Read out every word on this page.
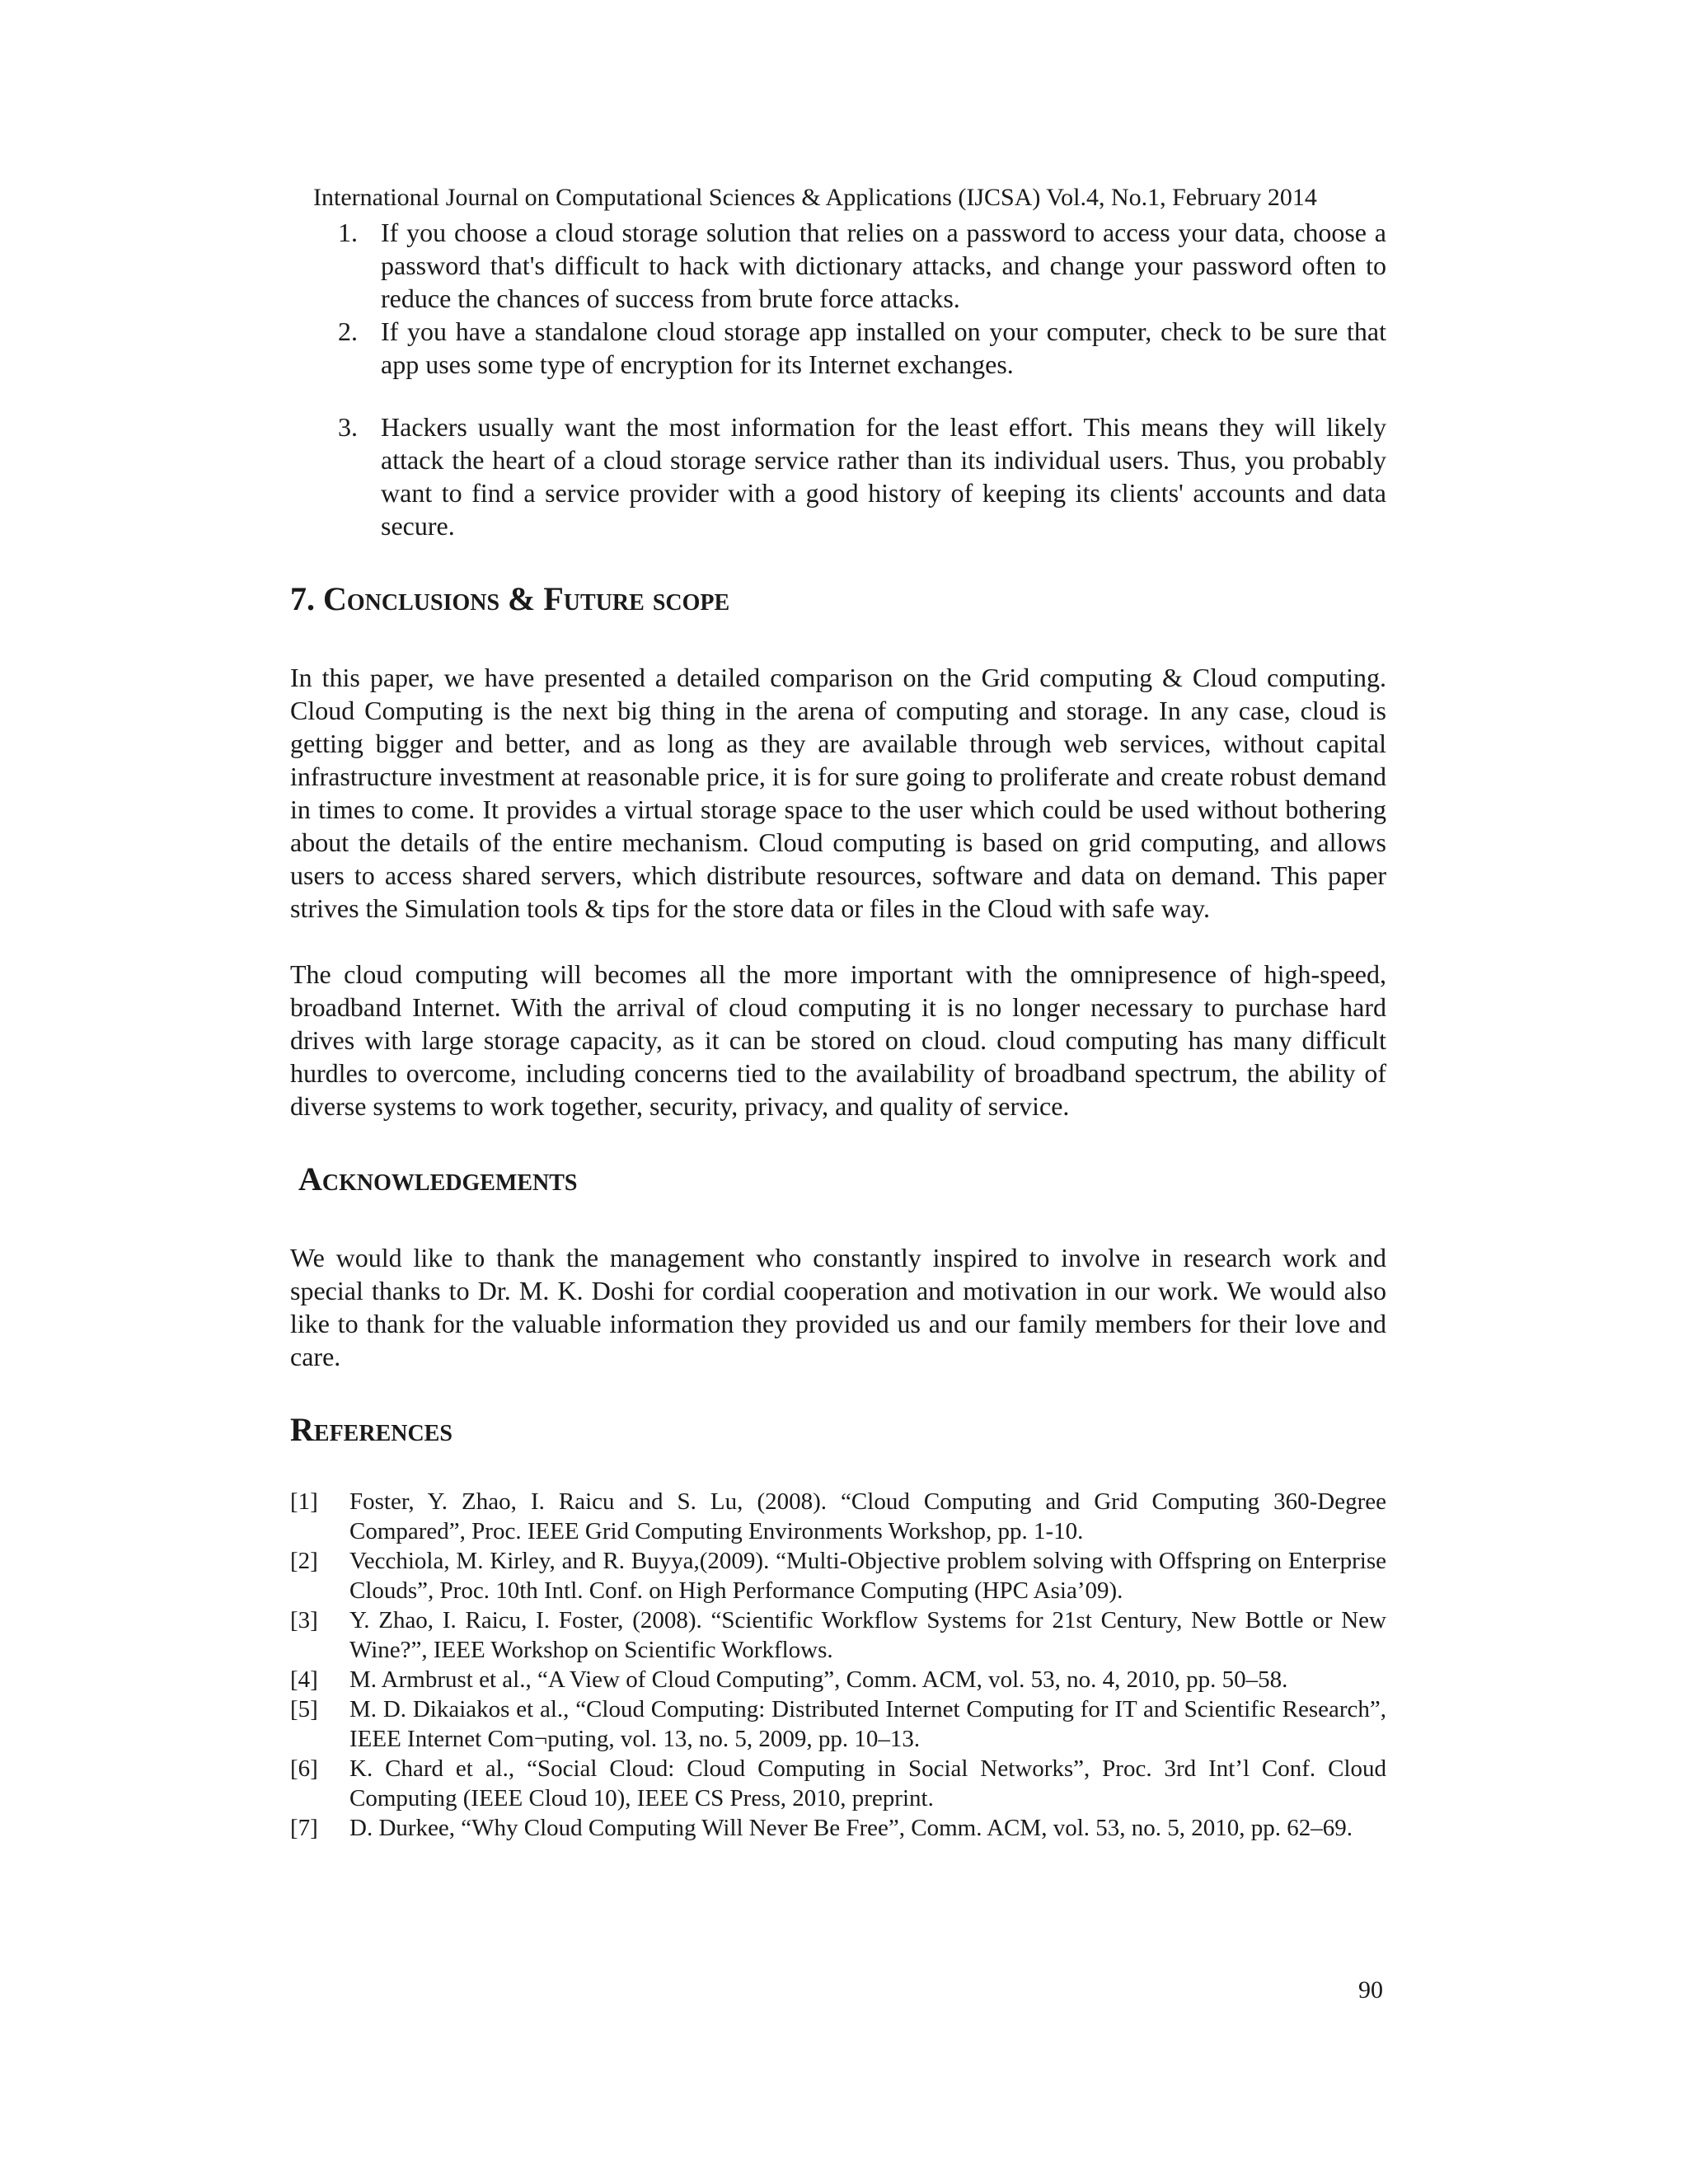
International Journal on Computational Sciences & Applications (IJCSA) Vol.4, No.1, February 2014
1. If you choose a cloud storage solution that relies on a password to access your data, choose a password that's difficult to hack with dictionary attacks, and change your password often to reduce the chances of success from brute force attacks.
2. If you have a standalone cloud storage app installed on your computer, check to be sure that app uses some type of encryption for its Internet exchanges.
3. Hackers usually want the most information for the least effort. This means they will likely attack the heart of a cloud storage service rather than its individual users. Thus, you probably want to find a service provider with a good history of keeping its clients' accounts and data secure.
7. Conclusions & Future scope

In this paper, we have presented a detailed comparison on the Grid computing & Cloud computing. Cloud Computing is the next big thing in the arena of computing and storage. In any case, cloud is getting bigger and better, and as long as they are available through web services, without capital infrastructure investment at reasonable price, it is for sure going to proliferate and create robust demand in times to come. It provides a virtual storage space to the user which could be used without bothering about the details of the entire mechanism. Cloud computing is based on grid computing, and allows users to access shared servers, which distribute resources, software and data on demand. This paper strives the Simulation tools & tips for the store data or files in the Cloud with safe way.

The cloud computing will becomes all the more important with the omnipresence of high-speed, broadband Internet. With the arrival of cloud computing it is no longer necessary to purchase hard drives with large storage capacity, as it can be stored on cloud. cloud computing has many difficult hurdles to overcome, including concerns tied to the availability of broadband spectrum, the ability of diverse systems to work together, security, privacy, and quality of service.

Acknowledgements

We would like to thank the management who constantly inspired to involve in research work and special thanks to Dr. M. K. Doshi for cordial cooperation and motivation in our work. We would also like to thank for the valuable information they provided us and our family members for their love and care.

References
[1] Foster, Y. Zhao, I. Raicu and S. Lu, (2008). “Cloud Computing and Grid Computing 360-Degree Compared”, Proc. IEEE Grid Computing Environments Workshop, pp. 1-10.
[2] Vecchiola, M. Kirley, and R. Buyya,(2009). “Multi-Objective problem solving with Offspring on Enterprise Clouds”, Proc. 10th Intl. Conf. on High Performance Computing (HPC Asia’09).
[3] Y. Zhao, I. Raicu, I. Foster, (2008). “Scientific Workflow Systems for 21st Century, New Bottle or New Wine?”, IEEE Workshop on Scientific Workflows.
[4] M. Armbrust et al., “A View of Cloud Computing”, Comm. ACM, vol. 53, no. 4, 2010, pp. 50–58.
[5] M. D. Dikaiakos et al., “Cloud Computing: Distributed Internet Computing for IT and Scientific Research”, IEEE Internet Com¬puting, vol. 13, no. 5, 2009, pp. 10–13.
[6] K. Chard et al., “Social Cloud: Cloud Computing in Social Networks”, Proc. 3rd Int’l Conf. Cloud Computing (IEEE Cloud 10), IEEE CS Press, 2010, preprint.
[7] D. Durkee, “Why Cloud Computing Will Never Be Free”, Comm. ACM, vol. 53, no. 5, 2010, pp. 62–69.
90
